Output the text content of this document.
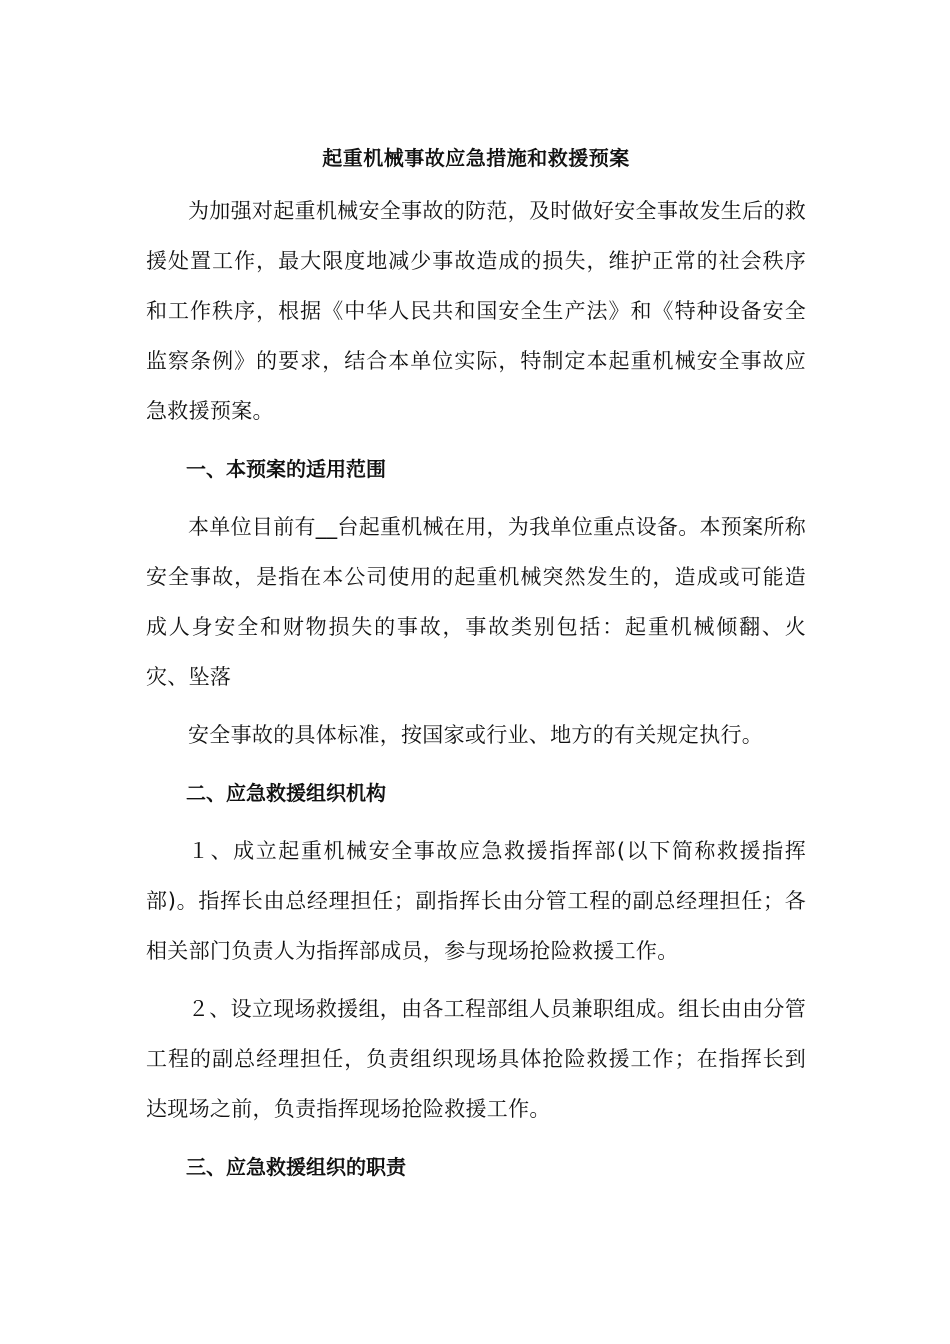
起重机械事故应急措施和救援预案

为加强对起重机械安全事故的防范，及时做好安全事故发生后的救援处置工作，最大限度地减少事故造成的损失，维护正常的社会秩序和工作秩序，根据《中华人民共和国安全生产法》和《特种设备安全监察条例》的要求，结合本单位实际，特制定本起重机械安全事故应急救援预案。

一、本预案的适用范围

本单位目前有__台起重机械在用，为我单位重点设备。本预案所称安全事故，是指在本公司使用的起重机械突然发生的，造成或可能造成人身安全和财物损失的事故，事故类别包括：起重机械倾翻、火灾、坠落

安全事故的具体标准，按国家或行业、地方的有关规定执行。

二、应急救援组织机构

１、成立起重机械安全事故应急救援指挥部(以下简称救援指挥部)。指挥长由总经理担任；副指挥长由分管工程的副总经理担任；各相关部门负责人为指挥部成员，参与现场抢险救援工作。

２、设立现场救援组，由各工程部组人员兼职组成。组长由由分管工程的副总经理担任，负责组织现场具体抢险救援工作；在指挥长到达现场之前，负责指挥现场抢险救援工作。

三、应急救援组织的职责
